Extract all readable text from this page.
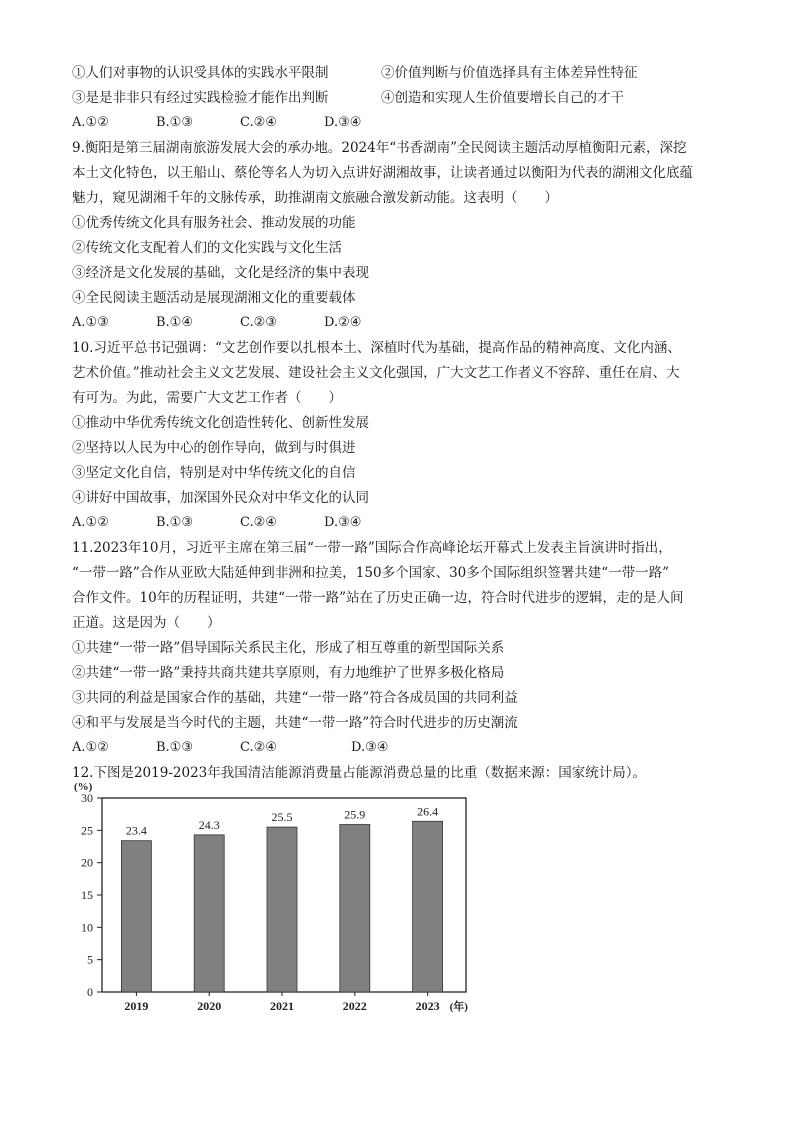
①人们对事物的认识受具体的实践水平限制	②价值判断与价值选择具有主体差异性特征
③是是非非只有经过实践检验才能作出判断	④创造和实现人生价值要增长自己的才干
A.①②	B.①③	C.②④	D.③④
9.衡阳是第三届湖南旅游发展大会的承办地。2024年“书香湖南”全民阅读主题活动厚植衡阳元素，深挖
本土文化特色，以王船山、蔡伦等名人为切入点讲好湖湘故事，让读者通过以衡阳为代表的湖湘文化底蕴
魅力，窥见湖湘千年的文脉传承，助推湖南文旅融合激发新动能。这表明（　　）
①优秀传统文化具有服务社会、推动发展的功能
②传统文化支配着人们的文化实践与文化生活
③经济是文化发展的基础，文化是经济的集中表现
④全民阅读主题活动是展现湖湘文化的重要载体
A.①③	B.①④	C.②③	D.②④
10.习近平总书记强调：“文艺创作要以扎根本土、深植时代为基础，提高作品的精神高度、文化内涵、
艺术价值。”推动社会主义文艺发展、建设社会主义文化强国，广大文艺工作者义不容辞、重任在肩、大
有可为。为此，需要广大文艺工作者（　　）
①推动中华优秀传统文化创造性转化、创新性发展
②坚持以人民为中心的创作导向，做到与时俱进
③坚定文化自信，特别是对中华传统文化的自信
④讲好中国故事，加深国外民众对中华文化的认同
A.①②	B.①③	C.②④	D.③④
11.2023年10月，习近平主席在第三届“一带一路”国际合作高峰论坛开幕式上发表主旨演讲时指出，
“一带一路”合作从亚欧大陆延伸到非洲和拉美，150多个国家、30多个国际组织签署共建“一带一路”
合作文件。10年的历程证明，共建“一带一路”站在了历史正确一边，符合时代进步的逻辑，走的是人间
正道。这是因为（　　）
①共建“一带一路”倡导国际关系民主化，形成了相互尊重的新型国际关系
②共建“一带一路”秉持共商共建共享原则，有力地维护了世界多极化格局
③共同的利益是国家合作的基础，共建“一带一路”符合各成员国的共同利益
④和平与发展是当今时代的主题，共建“一带一路”符合时代进步的历史潮流
A.①②	B.①③	C.②④	D.③④
12.下图是2019-2023年我国清洁能源消费量占能源消费总量的比重（数据来源：国家统计局）。
0
5
10
15
20
25
30
(%)
23.4
2019
24.3
2020
25.5
2021
25.9
2022
26.4
2023 (年)
